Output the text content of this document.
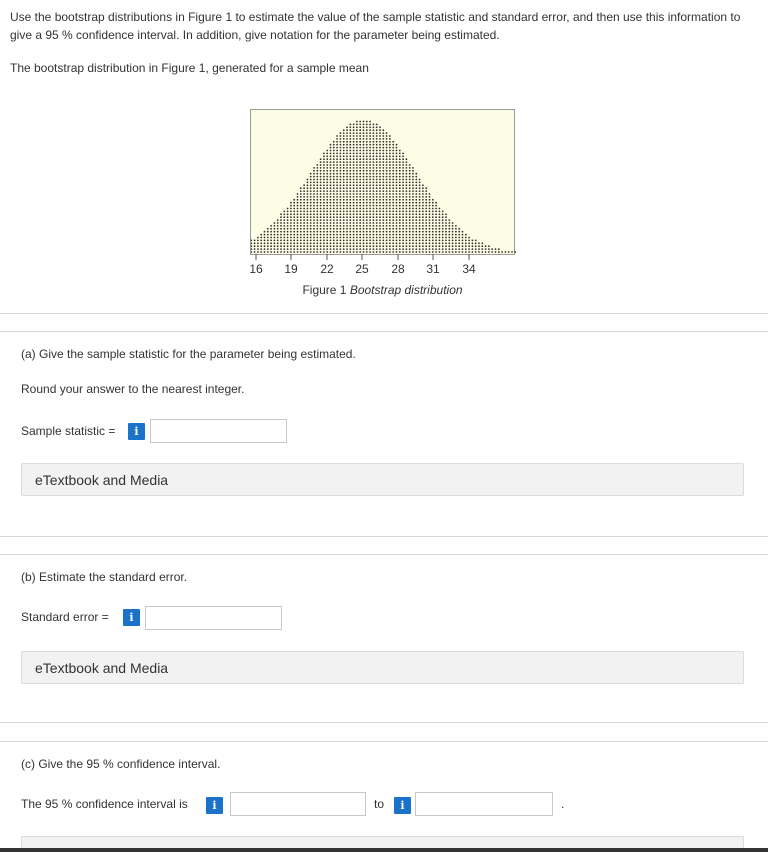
Use the bootstrap distributions in Figure 1 to estimate the value of the sample statistic and standard error, and then use this information to give a 95 % confidence interval. In addition, give notation for the parameter being estimated.
The bootstrap distribution in Figure 1, generated for a sample mean
16 19 22 25 28 31 34
Figure 1 Bootstrap distribution
(a) Give the sample statistic for the parameter being estimated.
Round your answer to the nearest integer.
Sample statistic =	i
eTextbook and Media
(b) Estimate the standard error.
Standard error =	i
eTextbook and Media
(c) Give the 95 % confidence interval.
The 95 % confidence interval is	i	to	i	.
